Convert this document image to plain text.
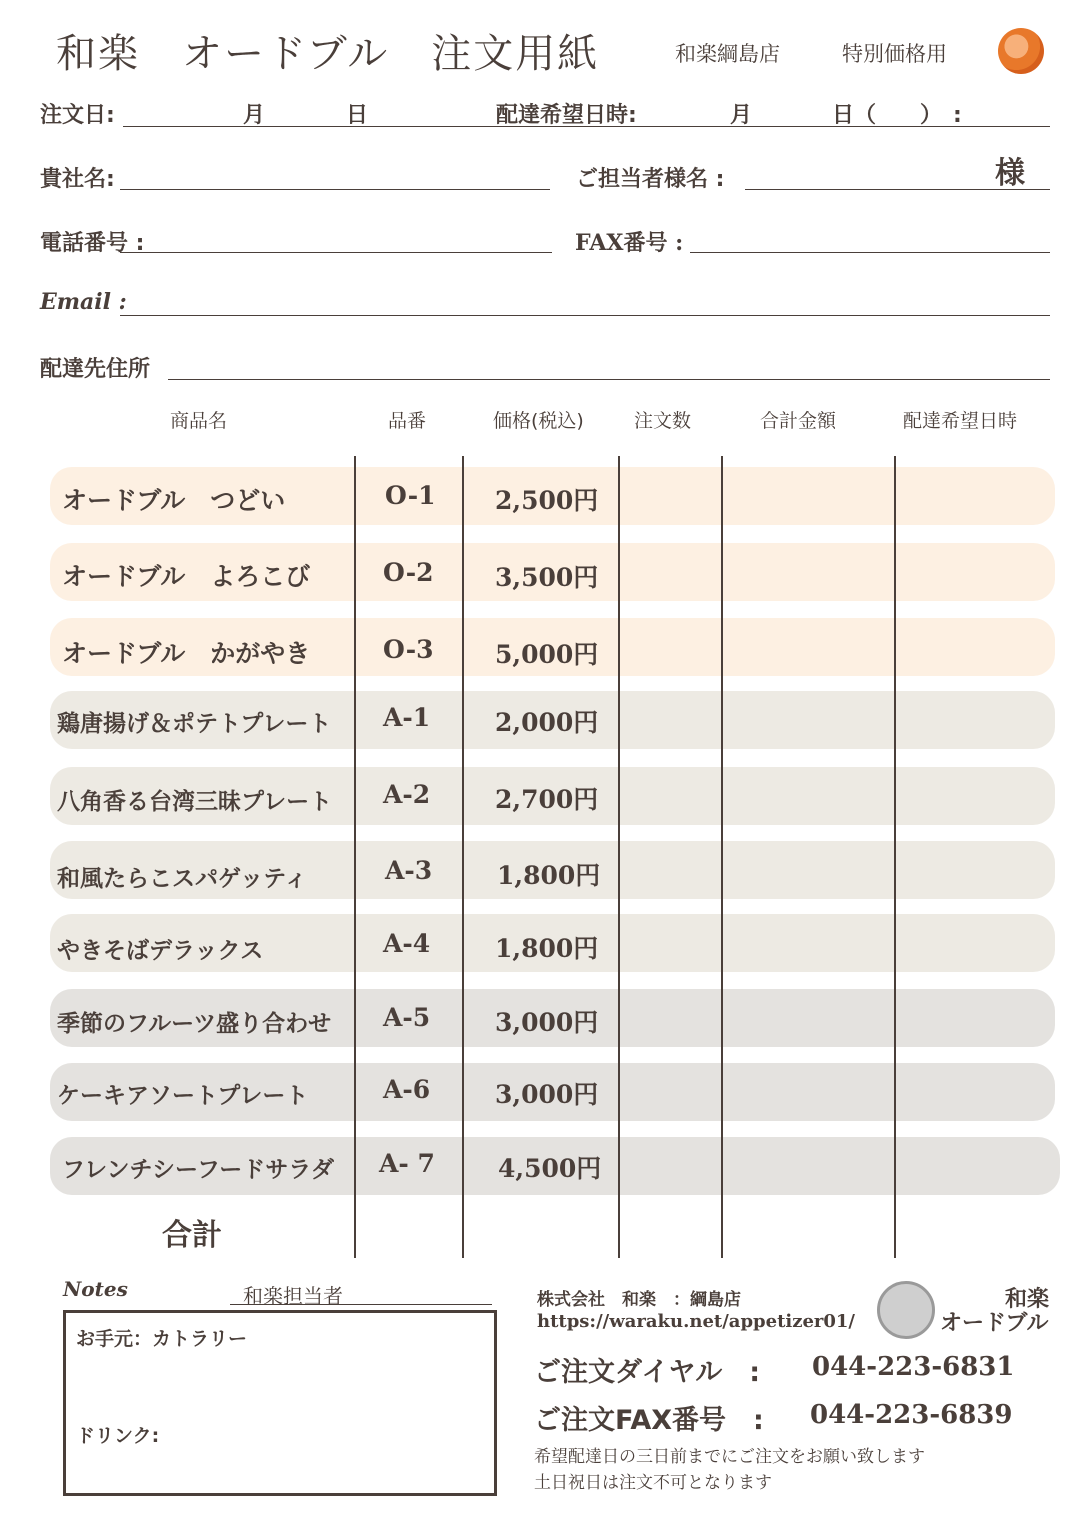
和楽　オードブル　注文用紙	和楽綱島店	特別価格用
注文日:	月	日	配達希望日時:	月	日（　　）　:
貴社名:	ご担当者様名 :	様
電話番号 :	FAX番号 :
Email :
配達先住所
商品名	品番	価格(税込)	注文数	合計金額	配達希望日時
オードブル　つどい	O-1 2,500円
オードブル　よろこび	O-2 3,500円
オードブル　かがやき	O-3 5,000円
鶏唐揚げ＆ポテトプレート A-1	2,000円
八角香る台湾三昧プレート A-2	2,700円
和風たらこスパゲッティ	A-3	1,800円
やきそばデラックス	A-4	1,800円
季節のフルーツ盛り合わせ A-5	3,000円
ケーキアソートプレート	A-6	3,000円
フレンチシーフードサラダ A- 7	4,500円
合計
Notes	和楽担当者
お手元：カトラリー
ドリンク:
株式会社　和楽　：綱島店
https://waraku.net/appetizer01/
和楽
オードブル
ご注文ダイヤル　: 044-223-6831
ご注文FAX番号　: 044-223-6839
希望配達日の三日前までにご注文をお願い致します
土日祝日は注文不可となります
